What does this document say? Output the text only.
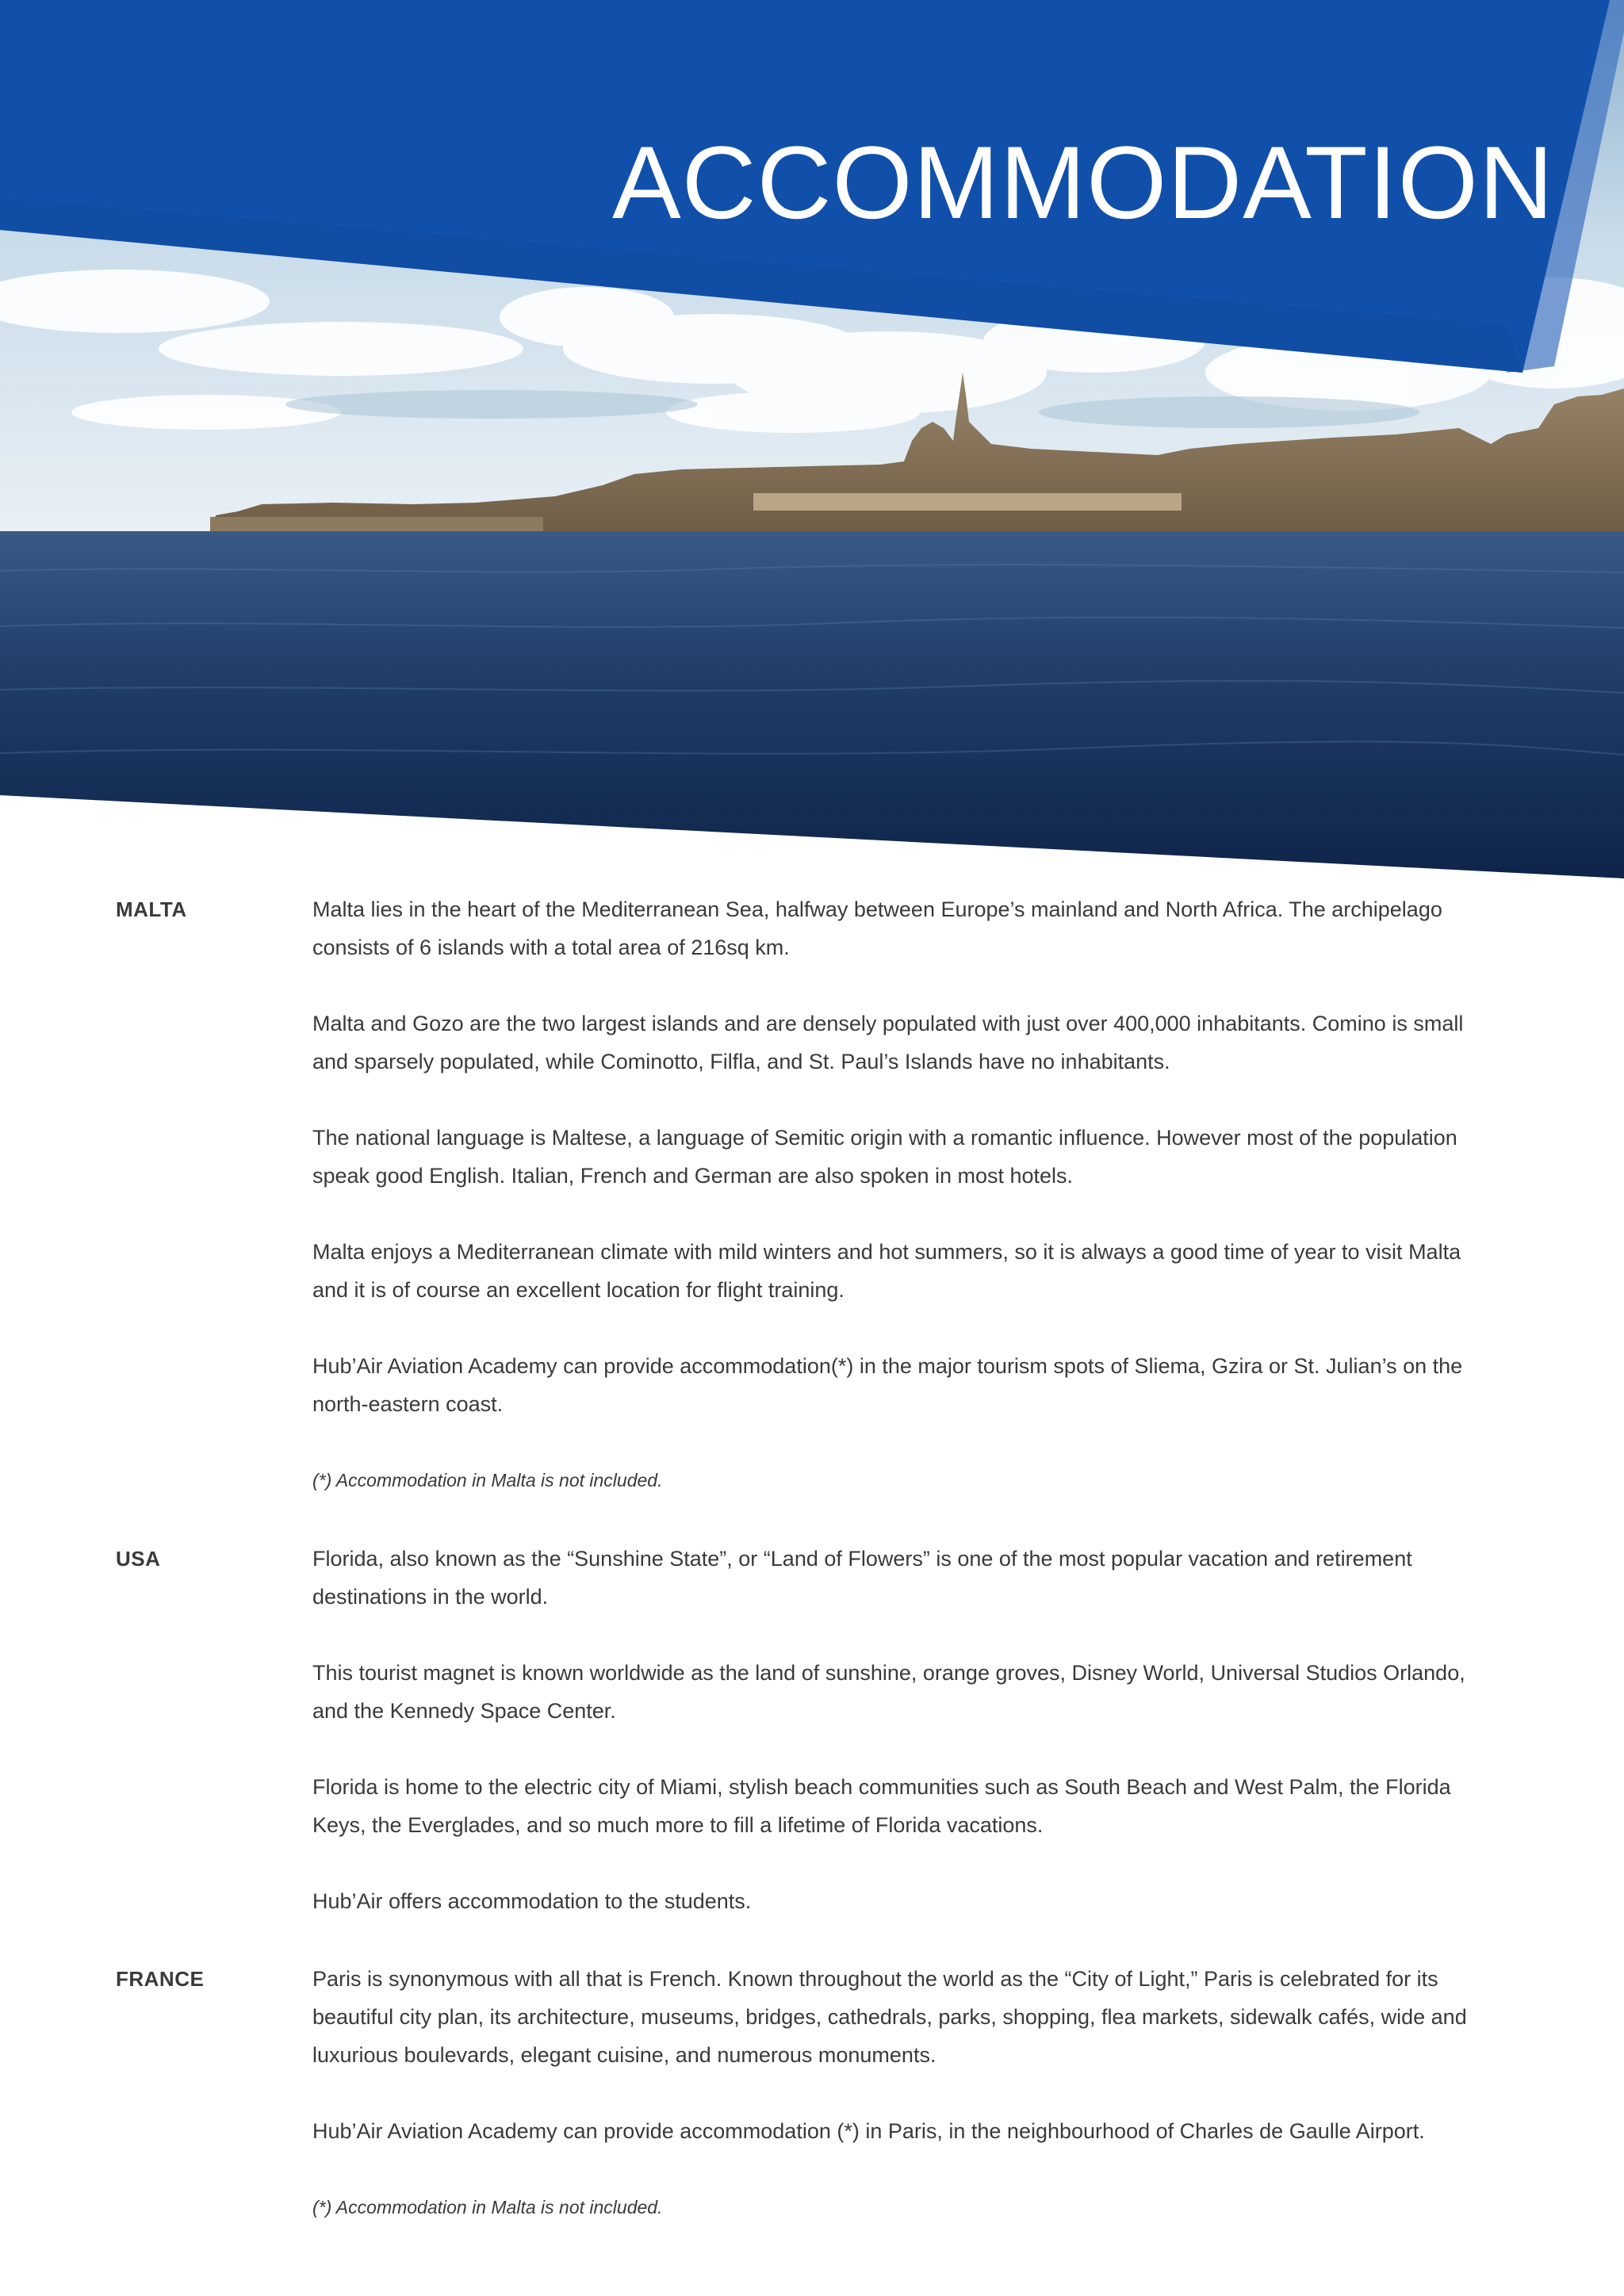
ACCOMMODATION
MALTA	Malta lies in the heart of the Mediterranean Sea, halfway between Europe’s mainland and North Africa. The archipelago consists of 6 islands with a total area of 216sq km.

Malta and Gozo are the two largest islands and are densely populated with just over 400,000 inhabitants. Comino is small and sparsely populated, while Cominotto, Filfla, and St. Paul’s Islands have no inhabitants.

The national language is Maltese, a language of Semitic origin with a romantic influence. However most of the population speak good English. Italian, French and German are also spoken in most hotels.

Malta enjoys a Mediterranean climate with mild winters and hot summers, so it is always a good time of year to visit Malta and it is of course an excellent location for flight training.

Hub’Air Aviation Academy can provide accommodation(*) in the major tourism spots of Sliema, Gzira or St. Julian’s on the north-eastern coast.

(*) Accommodation in Malta is not included.

USA	Florida, also known as the “Sunshine State”, or “Land of Flowers” is one of the most popular vacation and retirement destinations in the world.

This tourist magnet is known worldwide as the land of sunshine, orange groves, Disney World, Universal Studios Orlando, and the Kennedy Space Center.

Florida is home to the electric city of Miami, stylish beach communities such as South Beach and West Palm, the Florida Keys, the Everglades, and so much more to fill a lifetime of Florida vacations.

Hub’Air offers accommodation to the students.

FRANCE	Paris is synonymous with all that is French. Known throughout the world as the “City of Light,” Paris is celebrated for its beautiful city plan, its architecture, museums, bridges, cathedrals, parks, shopping, flea markets, sidewalk cafés, wide and luxurious boulevards, elegant cuisine, and numerous monuments.

Hub’Air Aviation Academy can provide accommodation (*) in Paris, in the neighbourhood of Charles de Gaulle Airport.

(*) Accommodation in Malta is not included.
